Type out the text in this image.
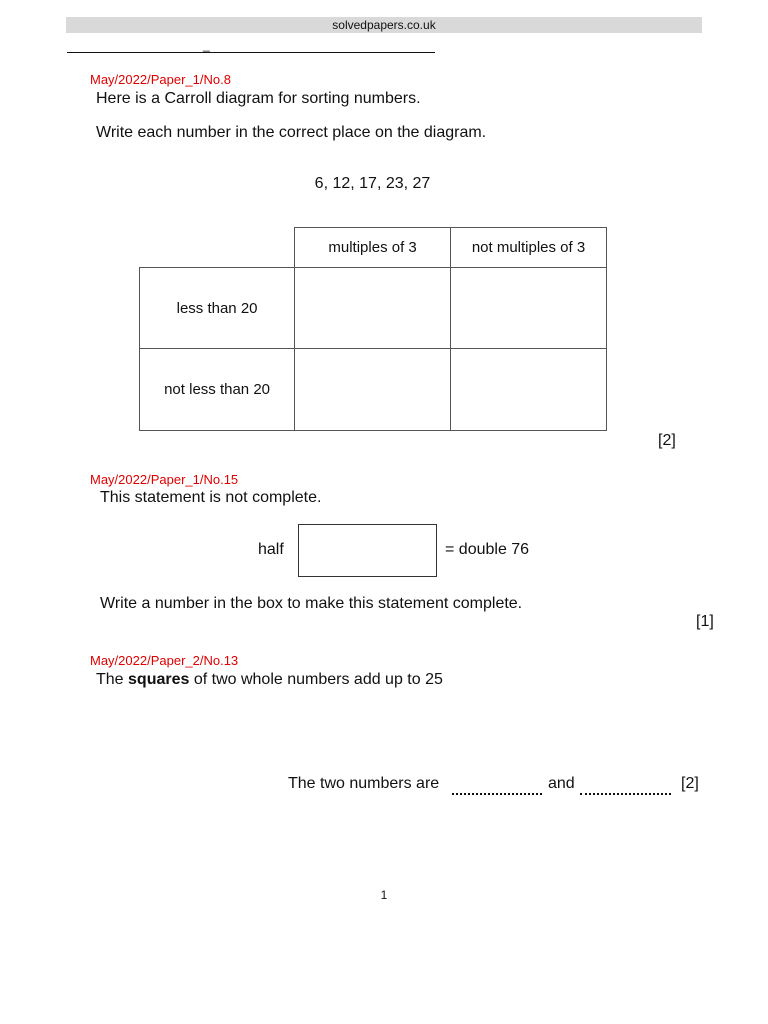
solvedpapers.co.uk
_
May/2022/Paper_1/No.8
Here is a Carroll diagram for sorting numbers.
Write each number in the correct place on the diagram.
6, 12, 17, 23, 27
	multiples of 3	not multiples of 3
less than 20		
not less than 20		
[2]
May/2022/Paper_1/No.15
This statement is not complete.
half	= double 76
Write a number in the box to make this statement complete.
[1]
May/2022/Paper_2/No.13
The squares of two whole numbers add up to 25
The two numbers are	and	[2]
1
